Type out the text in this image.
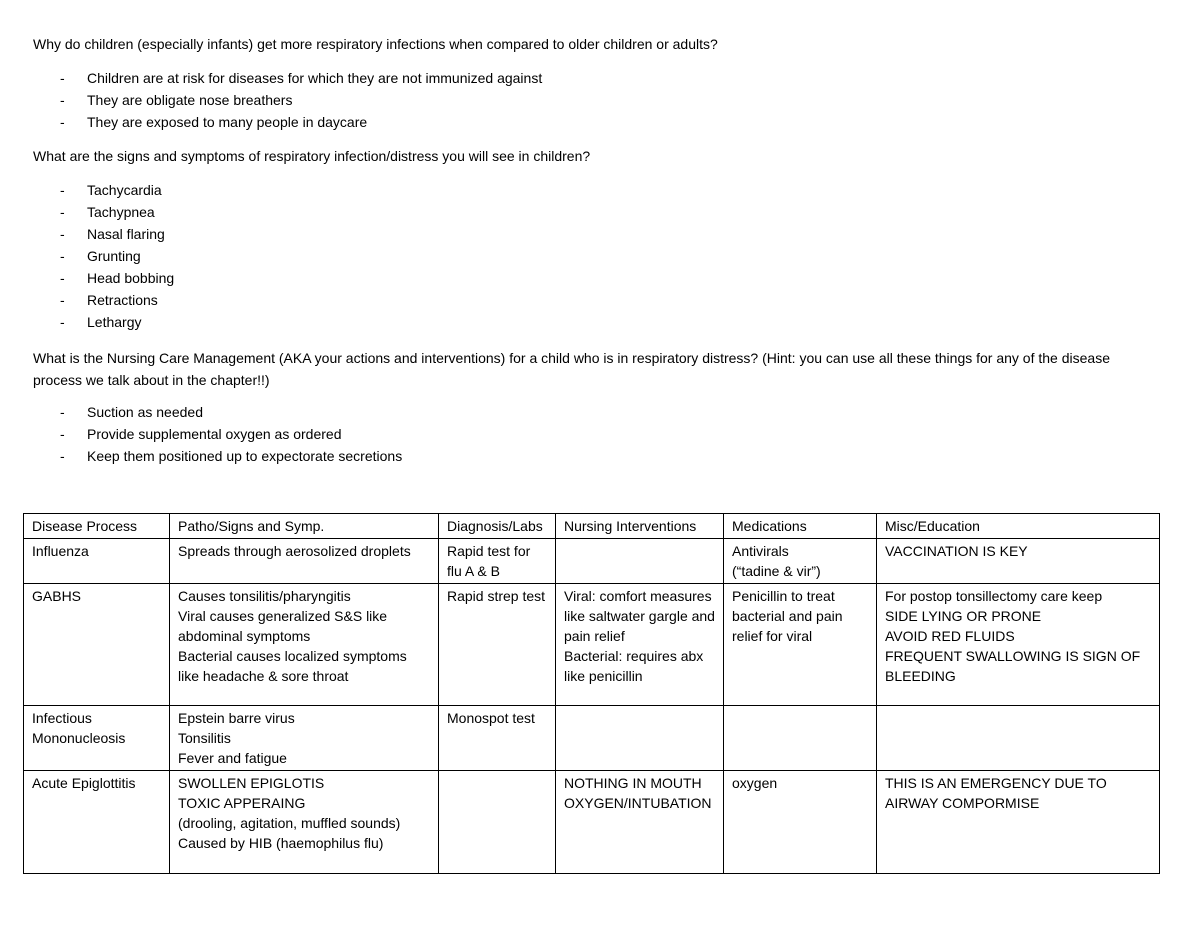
Why do children (especially infants) get more respiratory infections when compared to older children or adults?

- Children are at risk for diseases for which they are not immunized against
- They are obligate nose breathers
- They are exposed to many people in daycare

What are the signs and symptoms of respiratory infection/distress you will see in children?

- Tachycardia
- Tachypnea
- Nasal flaring
- Grunting
- Head bobbing
- Retractions
- Lethargy

What is the Nursing Care Management (AKA your actions and interventions) for a child who is in respiratory distress? (Hint: you can use all these things for any of the disease process we talk about in the chapter!!)

- Suction as needed
- Provide supplemental oxygen as ordered
- Keep them positioned up to expectorate secretions
Disease Process	Patho/Signs and Symp.	Diagnosis/Labs	Nursing Interventions	Medications	Misc/Education

Influenza	Spreads through aerosolized droplets	Rapid test for flu A & B		Antivirals
(“tadine & vir”)	VACCINATION IS KEY

GABHS	Causes tonsilitis/pharyngitis
Viral causes generalized S&S like abdominal symptoms
Bacterial causes localized symptoms like headache & sore throat	Rapid strep test	Viral: comfort measures like saltwater gargle and pain relief
Bacterial: requires abx like penicillin	Penicillin to treat bacterial and pain relief for viral	For postop tonsillectomy care keep
SIDE LYING OR PRONE
AVOID RED FLUIDS
FREQUENT SWALLOWING IS SIGN OF BLEEDING

Infectious Mononucleosis	Epstein barre virus
Tonsilitis
Fever and fatigue	Monospot test			

Acute Epiglottitis	SWOLLEN EPIGLOTIS
TOXIC APPERAING
(drooling, agitation, muffled sounds)
Caused by HIB (haemophilus flu)		NOTHING IN MOUTH
OXYGEN/INTUBATION	oxygen	THIS IS AN EMERGENCY DUE TO AIRWAY COMPORMISE
